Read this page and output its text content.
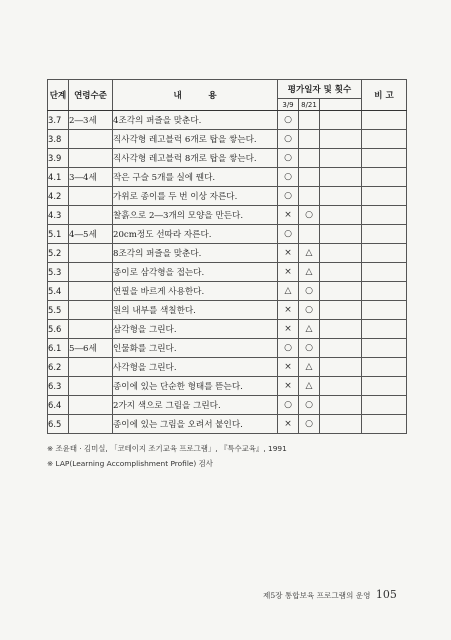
단계	연령수준	내         용	평가일자 및 횟수			비 고
			3/9	8/21		
3.7	2―3세	4조각의 퍼즐을 맞춘다.	○			
3.8		직사각형 레고블럭 6개로 탑을 쌓는다.	○			
3.9		직사각형 레고블럭 8개로 탑을 쌓는다.	○			
4.1	3―4세	작은 구슬 5개를 실에 꿴다.	○			
4.2		가위로 종이를 두 번 이상 자른다.	○			
4.3		찰흙으로 2―3개의 모양을 만든다.	×	○		
5.1	4―5세	20cm정도 선따라 자른다.	○			
5.2		8조각의 퍼즐을 맞춘다.	×	△		
5.3		종이로 삼각형을 접는다.	×	△		
5.4		연필을 바르게 사용한다.	△	○		
5.5		원의 내부를 색칠한다.	×	○		
5.6		삼각형을 그린다.	×	△		
6.1	5―6세	인물화를 그린다.	○	○		
6.2		사각형을 그린다.	×	△		
6.3		종이에 있는 단순한 형태를 뜯는다.	×	△		
6.4		2가지 색으로 그림을 그린다.	○	○		
6.5		종이에 있는 그림을 오려서 붙인다.	×	○		
※ 조윤태 · 김미실, 「코테이지 조기교육 프로그램」, 『특수교육』, 1991
※ LAP(Learning Accomplishment Profile) 검사
제5장 통합보육 프로그램의 운영 105
